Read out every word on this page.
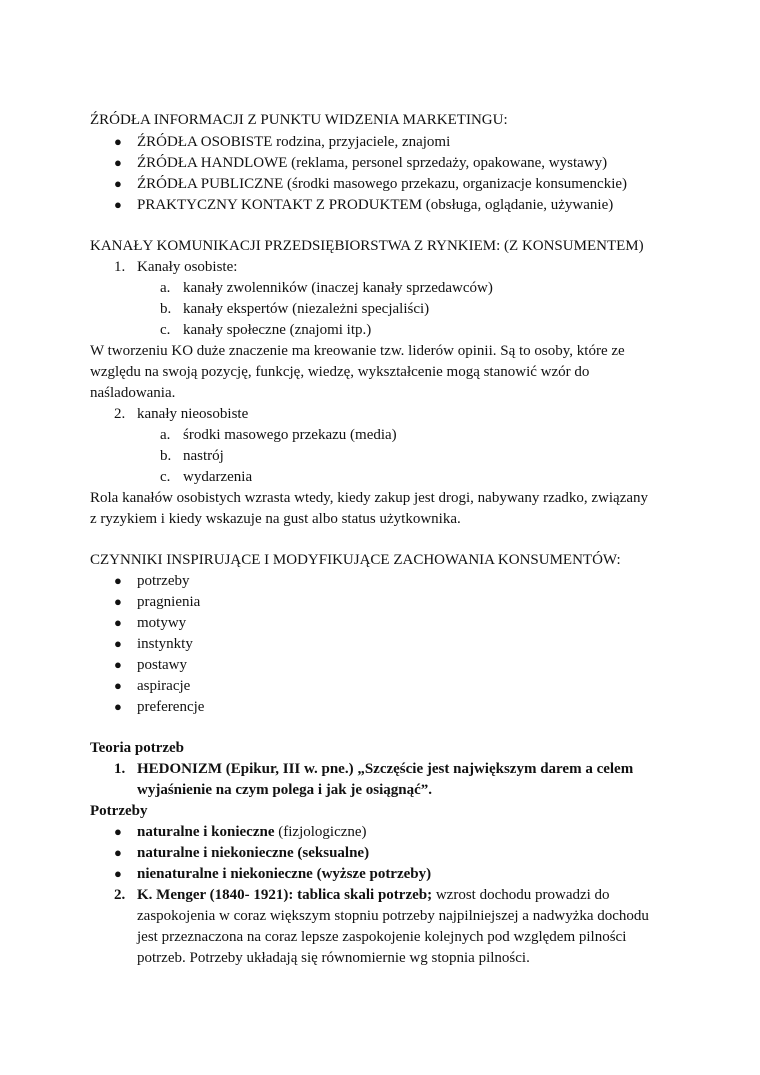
ŹRÓDŁA INFORMACJI Z PUNKTU WIDZENIA MARKETINGU:
● ŹRÓDŁA OSOBISTE rodzina, przyjaciele, znajomi
● ŹRÓDŁA HANDLOWE (reklama, personel sprzedaży, opakowane, wystawy)
● ŹRÓDŁA PUBLICZNE (środki masowego przekazu, organizacje konsumenckie)
● PRAKTYCZNY KONTAKT Z PRODUKTEM (obsługa, oglądanie, używanie)
KANAŁY KOMUNIKACJI PRZEDSIĘBIORSTWA Z RYNKIEM: (Z KONSUMENTEM)
1. Kanały osobiste:
a. kanały zwolenników (inaczej kanały sprzedawców)
b. kanały ekspertów (niezależni specjaliści)
c. kanały społeczne (znajomi itp.)
W tworzeniu KO duże znaczenie ma kreowanie tzw. liderów opinii. Są to osoby, które ze
względu na swoją pozycję, funkcję, wiedzę, wykształcenie mogą stanowić wzór do
naśladowania.
2. kanały nieosobiste
a. środki masowego przekazu (media)
b. nastrój
c. wydarzenia
Rola kanałów osobistych wzrasta wtedy, kiedy zakup jest drogi, nabywany rzadko, związany
z ryzykiem i kiedy wskazuje na gust albo status użytkownika.
CZYNNIKI INSPIRUJĄCE I MODYFIKUJĄCE ZACHOWANIA KONSUMENTÓW:
● potrzeby
● pragnienia
● motywy
● instynkty
● postawy
● aspiracje
● preferencje
Teoria potrzeb
1. HEDONIZM (Epikur, III w. pne.) „Szczęście jest największym darem a celem
wyjaśnienie na czym polega i jak je osiągnąć”.
Potrzeby
● naturalne i konieczne (fizjologiczne)
● naturalne i niekonieczne (seksualne)
● nienaturalne i niekonieczne (wyższe potrzeby)
2. K. Menger (1840- 1921): tablica skali potrzeb; wzrost dochodu prowadzi do
zaspokojenia w coraz większym stopniu potrzeby najpilniejszej a nadwyżka dochodu
jest przeznaczona na coraz lepsze zaspokojenie kolejnych pod względem pilności
potrzeb. Potrzeby układają się równomiernie wg stopnia pilności.
